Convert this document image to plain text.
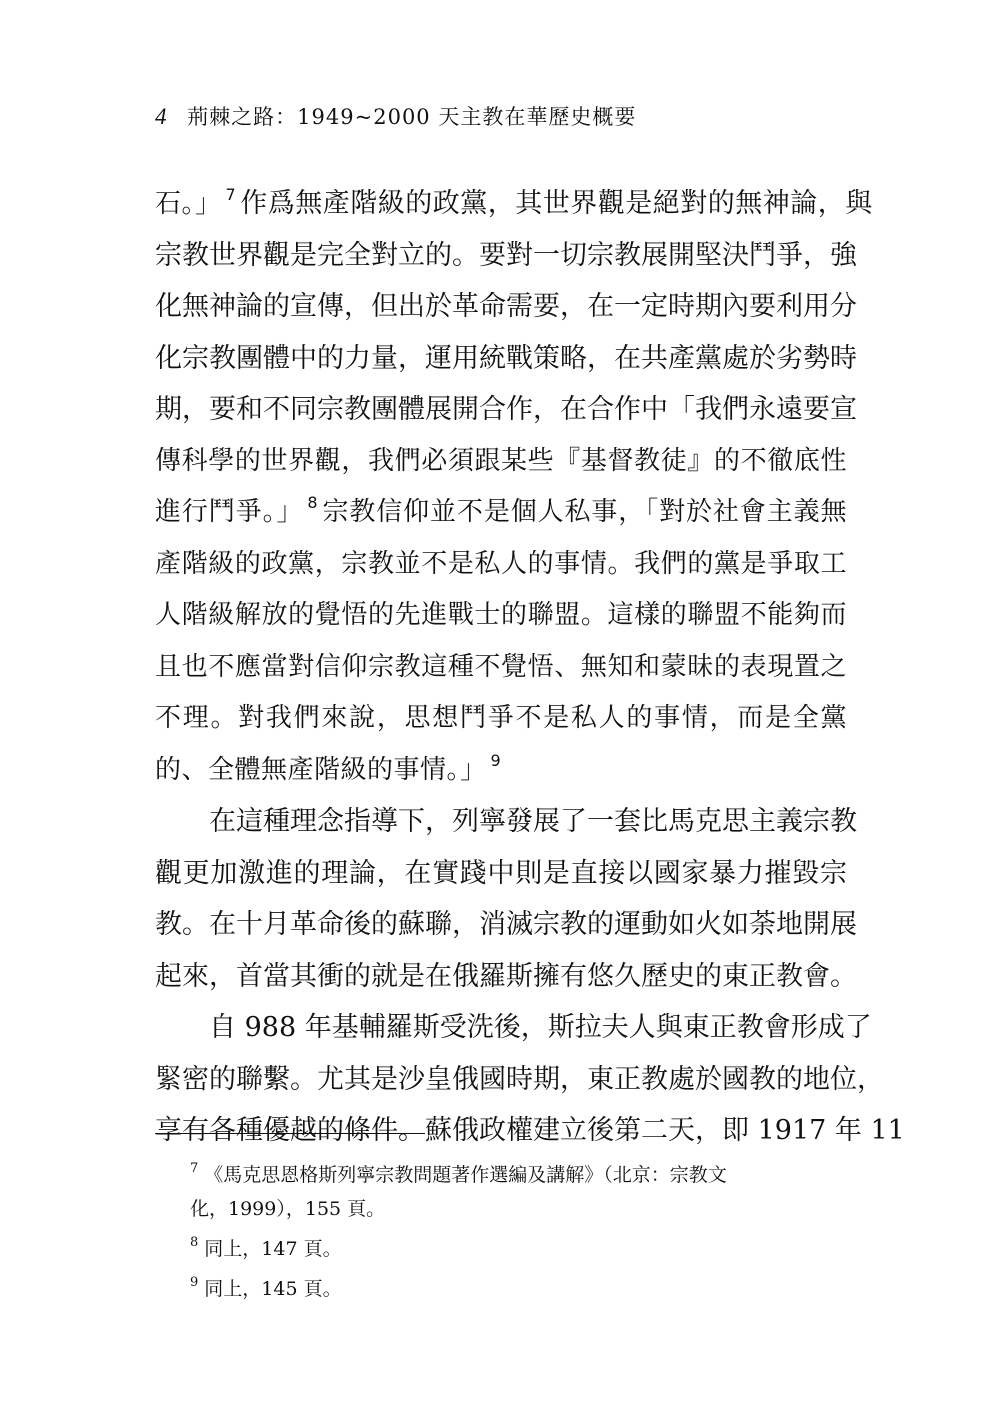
4 荊棘之路：1949~2000 天主教在華歷史概要
石。」 $^7$ 作爲無產階級的政黨，其世界觀是絕對的無神論，與
宗教世界觀是完全對立的。要對一切宗教展開堅決鬥爭，強
化無神論的宣傳，但出於革命需要，在一定時期內要利用分
化宗教團體中的力量，運用統戰策略，在共產黨處於劣勢時
期，要和不同宗教團體展開合作，在合作中「我們永遠要宣
傳科學的世界觀，我們必須跟某些『基督教徒』的不徹底性
進行鬥爭。」 $^8$ 宗教信仰並不是個人私事，「對於社會主義無
產階級的政黨，宗教並不是私人的事情。我們的黨是爭取工
人階級解放的覺悟的先進戰士的聯盟。這樣的聯盟不能夠而
且也不應當對信仰宗教這種不覺悟、無知和蒙昧的表現置之
不理。對我們來說，思想鬥爭不是私人的事情，而是全黨
的、全體無產階級的事情。」 $^9$
在這種理念指導下，列寧發展了一套比馬克思主義宗教
觀更加激進的理論，在實踐中則是直接以國家暴力摧毀宗
教。在十月革命後的蘇聯，消滅宗教的運動如火如荼地開展
起來，首當其衝的就是在俄羅斯擁有悠久歷史的東正教會。
自 988 年基輔羅斯受洗後，斯拉夫人與東正教會形成了
緊密的聯繫。尤其是沙皇俄國時期，東正教處於國教的地位，
享有各種優越的條件。蘇俄政權建立後第二天，即 1917 年 11
$^7$ 《馬克思恩格斯列寧宗教問題著作選編及講解》（北京：宗教文
化，1999），155 頁。
$^8$ 同上，147 頁。
$^9$ 同上，145 頁。
